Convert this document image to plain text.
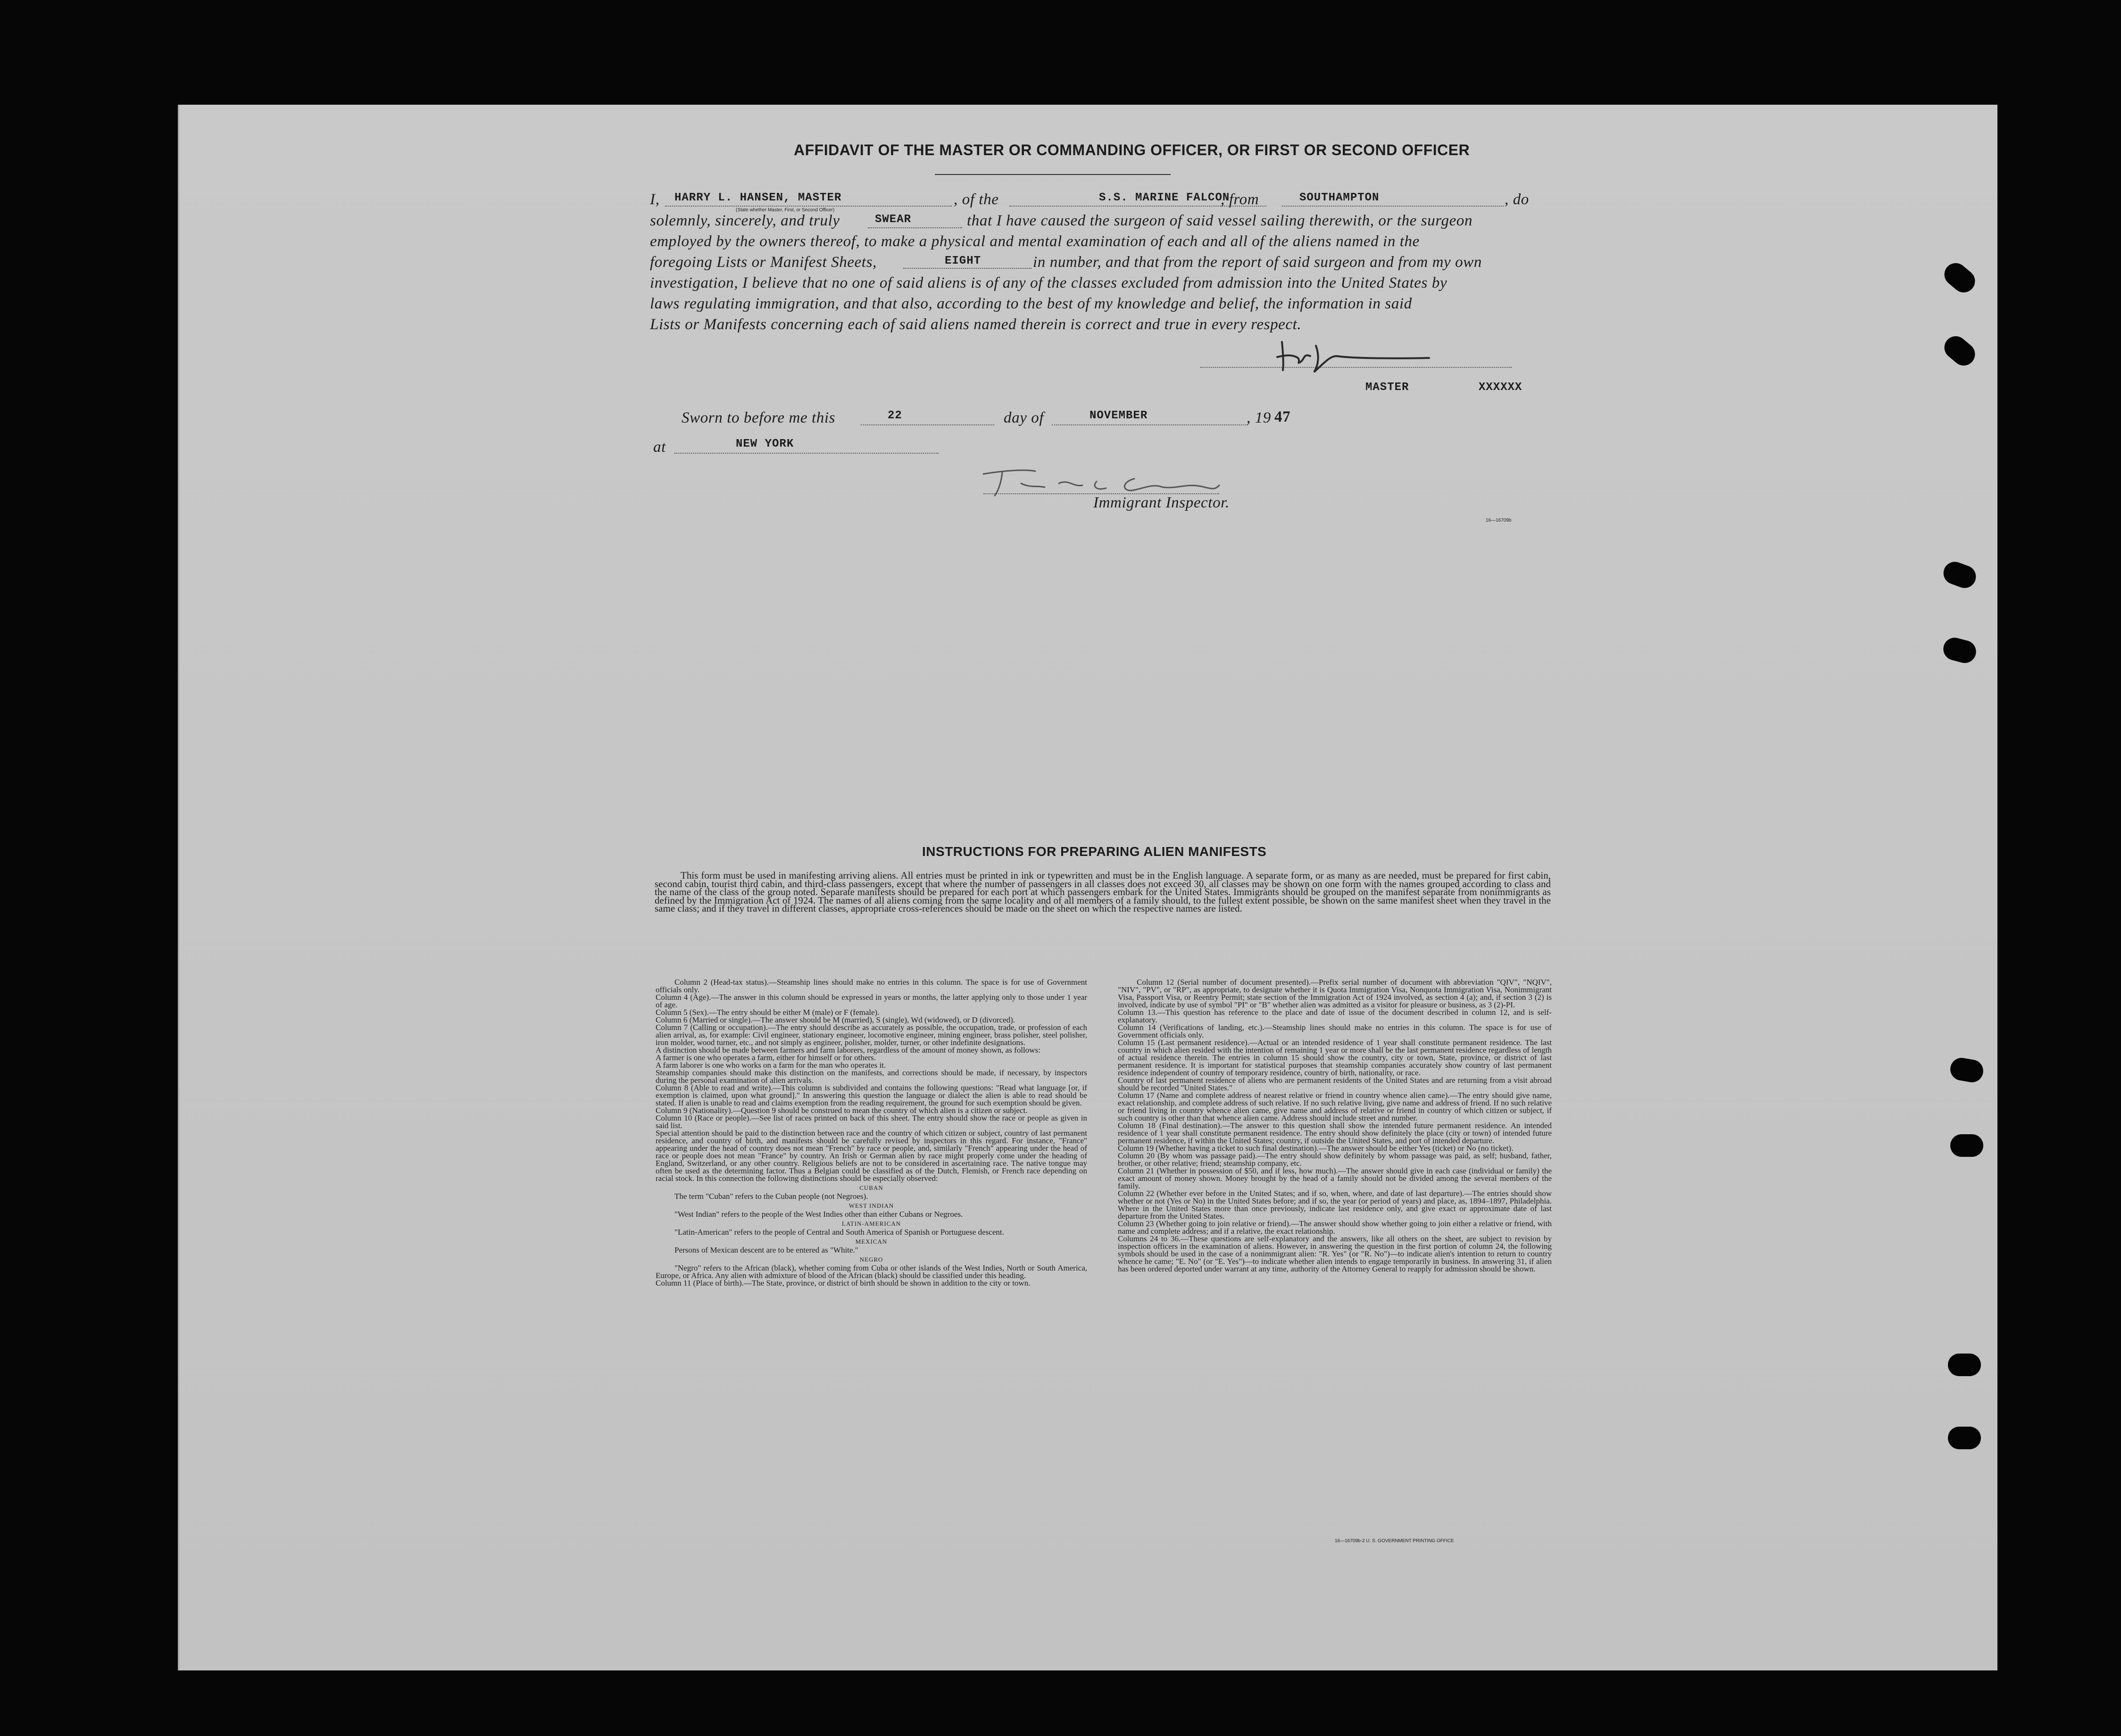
AFFIDAVIT OF THE MASTER OR COMMANDING OFFICER, OR FIRST OR SECOND OFFICER
I, HARRY L. HANSEN, MASTER	, of the	S.S. MARINE FALCON
, from	SOUTHAMPTON	, do
(State whether Master, First, or Second Officer)
solemnly, sincerely, and truly	SWEAR	that I have caused the surgeon of said vessel sailing therewith, or the surgeon
employed by the owners thereof, to make a physical and mental examination of each and all of the aliens named in the
foregoing Lists or Manifest Sheets,	EIGHT	in number, and that from the report of said surgeon and from my own
investigation, I believe that no one of said aliens is of any of the classes excluded from admission into the United States by
laws regulating immigration, and that also, according to the best of my knowledge and belief, the information in said
Lists or Manifests concerning each of said aliens named therein is correct and true in every respect.
MASTER	XXXXXX
Sworn to before me this	22	day of	NOVEMBER	, 19 47
at	NEW YORK
Immigrant Inspector.
16—16709b
INSTRUCTIONS FOR PREPARING ALIEN MANIFESTS
This form must be used in manifesting arriving aliens. All entries must be printed in ink or typewritten and must be in the English language. A separate form, or as many as are needed, must be prepared for first cabin, second cabin, tourist third cabin, and third-class passengers, except that where the number of passengers in all classes does not exceed 30, all classes may be shown on one form with the names grouped according to class and the name of the class of the group noted. Separate manifests should be prepared for each port at which passengers embark for the United States. Immigrants should be grouped on the manifest separate from nonimmigrants as defined by the Immigration Act of 1924. The names of all aliens coming from the same locality and of all members of a family should, to the fullest extent possible, be shown on the same manifest sheet when they travel in the same class; and if they travel in different classes, appropriate cross-references should be made on the sheet on which the respective names are listed.

Column 2 (Head-tax status).—Steamship lines should make no entries in this column. The space is for use of Government officials only.
Column 4 (Age).—The answer in this column should be expressed in years or months, the latter applying only to those under 1 year of age.
Column 5 (Sex).—The entry should be either M (male) or F (female).
Column 6 (Married or single).—The answer should be M (married), S (single), Wd (widowed), or D (divorced).
Column 7 (Calling or occupation).—The entry should describe as accurately as possible, the occupation, trade, or profession of each alien arrival, as, for example: Civil engineer, stationary engineer, locomotive engineer, mining engineer, brass polisher, steel polisher, iron molder, wood turner, etc., and not simply as engineer, polisher, molder, turner, or other indefinite designations.
A distinction should be made between farmers and farm laborers, regardless of the amount of money shown, as follows:
A farmer is one who operates a farm, either for himself or for others.
A farm laborer is one who works on a farm for the man who operates it.
Steamship companies should make this distinction on the manifests, and corrections should be made, if necessary, by inspectors during the personal examination of alien arrivals.
Column 8 (Able to read and write).—This column is subdivided and contains the following questions: "Read what language [or, if exemption is claimed, upon what ground]." In answering this question the language or dialect the alien is able to read should be stated. If alien is unable to read and claims exemption from the reading requirement, the ground for such exemption should be given.
Column 9 (Nationality).—Question 9 should be construed to mean the country of which alien is a citizen or subject.
Column 10 (Race or people).—See list of races printed on back of this sheet. The entry should show the race or people as given in said list.
Special attention should be paid to the distinction between race and the country of which citizen or subject, country of last permanent residence, and country of birth, and manifests should be carefully revised by inspectors in this regard. For instance, "France" appearing under the head of country does not mean "French" by race or people, and, similarly "French" appearing under the head of race or people does not mean "France" by country. An Irish or German alien by race might properly come under the heading of England, Switzerland, or any other country. Religious beliefs are not to be considered in ascertaining race. The native tongue may often be used as the determining factor. Thus a Belgian could be classified as of the Dutch, Flemish, or French race depending on racial stock. In this connection the following distinctions should be especially observed:

CUBAN

The term "Cuban" refers to the Cuban people (not Negroes).

WEST INDIAN

"West Indian" refers to the people of the West Indies other than either Cubans or Negroes.

LATIN-AMERICAN

"Latin-American" refers to the people of Central and South America of Spanish or Portuguese descent.

MEXICAN

Persons of Mexican descent are to be entered as "White."

NEGRO

"Negro" refers to the African (black), whether coming from Cuba or other islands of the West Indies, North or South America, Europe, or Africa. Any alien with admixture of blood of the African (black) should be classified under this heading.
Column 11 (Place of birth).—The State, province, or district of birth should be shown in addition to the city or town.

Column 12 (Serial number of document presented).—Prefix serial number of document with abbreviation "QIV", "NQIV", "NIV", "PV", or "RP", as appropriate, to designate whether it is Quota Immigration Visa, Nonquota Immigration Visa, Nonimmigrant Visa, Passport Visa, or Reentry Permit; state section of the Immigration Act of 1924 involved, as section 4 (a); and, if section 3 (2) is involved, indicate by use of symbol "PI" or "B" whether alien was admitted as a visitor for pleasure or business, as 3 (2)-PI.
Column 13.—This question has reference to the place and date of issue of the document described in column 12, and is self-explanatory.
Column 14 (Verifications of landing, etc.).—Steamship lines should make no entries in this column. The space is for use of Government officials only.
Column 15 (Last permanent residence).—Actual or an intended residence of 1 year shall constitute permanent residence. The last country in which alien resided with the intention of remaining 1 year or more shall be the last permanent residence regardless of length of actual residence therein. The entries in column 15 should show the country, city or town, State, province, or district of last permanent residence. It is important for statistical purposes that steamship companies accurately show country of last permanent residence independent of country of temporary residence, country of birth, nationality, or race.
Country of last permanent residence of aliens who are permanent residents of the United States and are returning from a visit abroad should be recorded "United States."
Column 17 (Name and complete address of nearest relative or friend in country whence alien came).—The entry should give name, exact relationship, and complete address of such relative. If no such relative living, give name and address of friend. If no such relative or friend living in country whence alien came, give name and address of relative or friend in country of which citizen or subject, if such country is other than that whence alien came. Address should include street and number.
Column 18 (Final destination).—The answer to this question shall show the intended future permanent residence. An intended residence of 1 year shall constitute permanent residence. The entry should show definitely the place (city or town) of intended future permanent residence, if within the United States; country, if outside the United States, and port of intended departure.
Column 19 (Whether having a ticket to such final destination).—The answer should be either Yes (ticket) or No (no ticket).
Column 20 (By whom was passage paid).—The entry should show definitely by whom passage was paid, as self; husband, father, brother, or other relative; friend; steamship company, etc.
Column 21 (Whether in possession of $50, and if less, how much).—The answer should give in each case (individual or family) the exact amount of money shown. Money brought by the head of a family should not be divided among the several members of the family.
Column 22 (Whether ever before in the United States; and if so, when, where, and date of last departure).—The entries should show whether or not (Yes or No) in the United States before; and if so, the year (or period of years) and place, as, 1894–1897, Philadelphia. Where in the United States more than once previously, indicate last residence only, and give exact or approximate date of last departure from the United States.
Column 23 (Whether going to join relative or friend).—The answer should show whether going to join either a relative or friend, with name and complete address; and if a relative, the exact relationship.
Columns 24 to 36.—These questions are self-explanatory and the answers, like all others on the sheet, are subject to revision by inspection officers in the examination of aliens. However, in answering the question in the first portion of column 24, the following symbols should be used in the case of a nonimmigrant alien: "R. Yes" (or "R. No")—to indicate alien's intention to return to country whence he came; "E. No" (or "E. Yes")—to indicate whether alien intends to engage temporarily in business. In answering 31, if alien has been ordered deported under warrant at any time, authority of the Attorney General to reapply for admission should be shown.

16—16709b-2 U. S. GOVERNMENT PRINTING OFFICE
